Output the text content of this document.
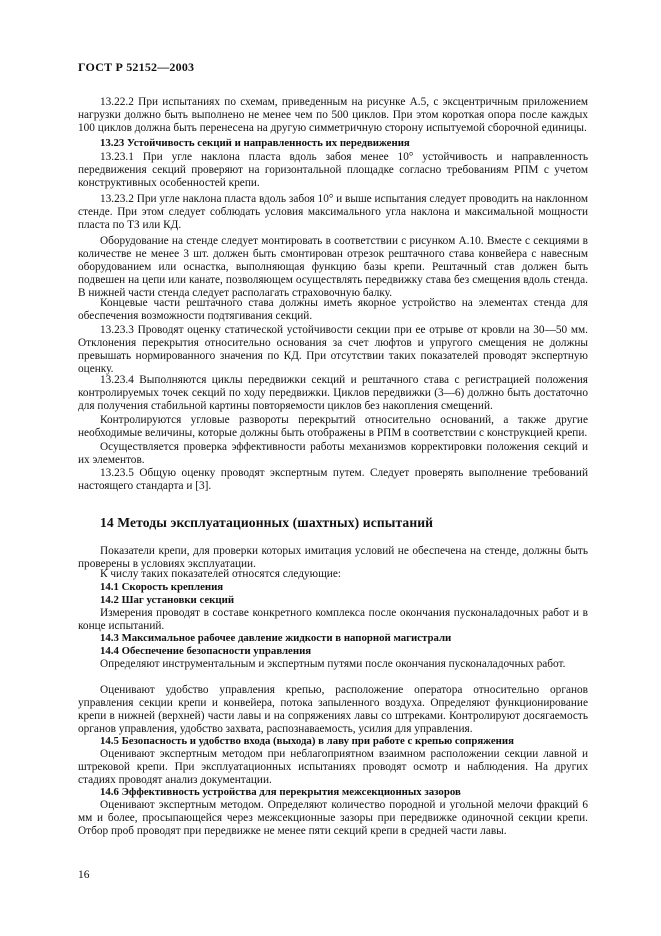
ГОСТ Р 52152—2003

13.22.2 При испытаниях по схемам, приведенным на рисунке А.5, с эксцентричным приложением нагрузки должно быть выполнено не менее чем по 500 циклов. При этом короткая опора после каждых 100 циклов должна быть перенесена на другую симметричную сторону испытуемой сборочной единицы.

13.23 Устойчивость секций и направленность их передвижения

13.23.1 При угле наклона пласта вдоль забоя менее 10° устойчивость и направленность передвижения секций проверяют на горизонтальной площадке согласно требованиям РПМ с учетом конструктивных особенностей крепи.

13.23.2 При угле наклона пласта вдоль забоя 10° и выше испытания следует проводить на наклонном стенде. При этом следует соблюдать условия максимального угла наклона и максимальной мощности пласта по ТЗ или КД.

Оборудование на стенде следует монтировать в соответствии с рисунком А.10. Вместе с секциями в количестве не менее 3 шт. должен быть смонтирован отрезок рештачного става конвейера с навесным оборудованием или оснастка, выполняющая функцию базы крепи. Рештачный став должен быть подвешен на цепи или канате, позволяющем осуществлять передвижку става без смещения вдоль стенда. В нижней части стенда следует располагать страховочную балку.

Концевые части рештачного става должны иметь якорное устройство на элементах стенда для обеспечения возможности подтягивания секций.

13.23.3 Проводят оценку статической устойчивости секции при ее отрыве от кровли на 30—50 мм. Отклонения перекрытия относительно основания за счет люфтов и упругого смещения не должны превышать нормированного значения по КД. При отсутствии таких показателей проводят экспертную оценку.

13.23.4 Выполняются циклы передвижки секций и рештачного става с регистрацией положения контролируемых точек секций по ходу передвижки. Циклов передвижки (3—6) должно быть достаточно для получения стабильной картины повторяемости циклов без накопления смещений.

Контролируются угловые развороты перекрытий относительно оснований, а также другие необходимые величины, которые должны быть отображены в РПМ в соответствии с конструкцией крепи.

Осуществляется проверка эффективности работы механизмов корректировки положения секций и их элементов.

13.23.5 Общую оценку проводят экспертным путем. Следует проверять выполнение требований настоящего стандарта и [3].

14 Методы эксплуатационных (шахтных) испытаний

Показатели крепи, для проверки которых имитация условий не обеспечена на стенде, должны быть проверены в условиях эксплуатации.

К числу таких показателей относятся следующие:

14.1 Скорость крепления

14.2 Шаг установки секций

Измерения проводят в составе конкретного комплекса после окончания пусконаладочных работ и в конце испытаний.

14.3 Максимальное рабочее давление жидкости в напорной магистрали

14.4 Обеспечение безопасности управления

Определяют инструментальным и экспертным путями после окончания пусконаладочных работ.

Оценивают удобство управления крепью, расположение оператора относительно органов управления секции крепи и конвейера, потока запыленного воздуха. Определяют функционирование крепи в нижней (верхней) части лавы и на сопряжениях лавы со штреками. Контролируют досягаемость органов управления, удобство захвата, распознаваемость, усилия для управления.

14.5 Безопасность и удобство входа (выхода) в лаву при работе с крепью сопряжения

Оценивают экспертным методом при неблагоприятном взаимном расположении секции лавной и штрековой крепи. При эксплуатационных испытаниях проводят осмотр и наблюдения. На других стадиях проводят анализ документации.

14.6 Эффективность устройства для перекрытия межсекционных зазоров

Оценивают экспертным методом. Определяют количество породной и угольной мелочи фракций 6 мм и более, просыпающейся через межсекционные зазоры при передвижке одиночной секции крепи. Отбор проб проводят при передвижке не менее пяти секций крепи в средней части лавы.

16
